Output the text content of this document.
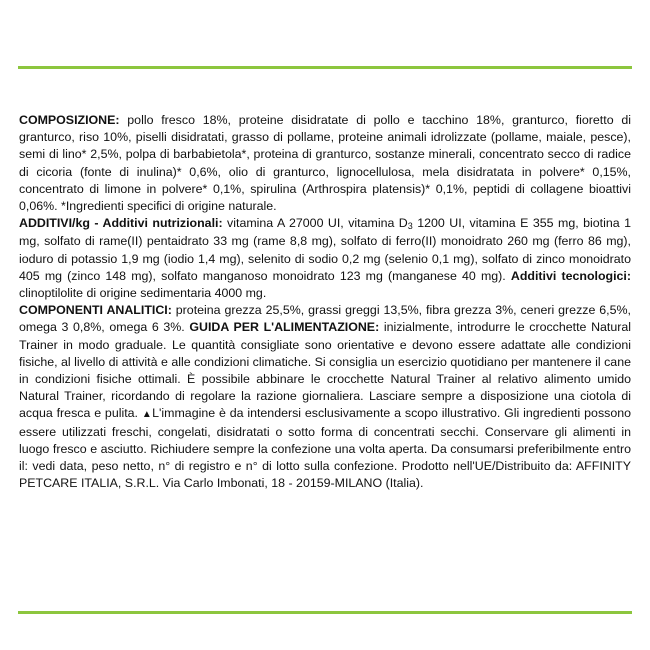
COMPOSIZIONE: pollo fresco 18%, proteine disidratate di pollo e tacchino 18%, granturco, fioretto di granturco, riso 10%, piselli disidratati, grasso di pollame, proteine animali idrolizzate (pollame, maiale, pesce), semi di lino* 2,5%, polpa di barbabietola*, proteina di granturco, sostanze minerali, concentrato secco di radice di cicoria (fonte di inulina)* 0,6%, olio di granturco, lignocellulosa, mela disidratata in polvere* 0,15%, concentrato di limone in polvere* 0,1%, spirulina (Arthrospira platensis)* 0,1%, peptidi di collagene bioattivi 0,06%. *Ingredienti specifici di origine naturale.

ADDITIVI/kg - Additivi nutrizionali: vitamina A 27000 UI, vitamina $D_3$ 1200 UI, vitamina E 355 mg, biotina 1 mg, solfato di rame(II) pentaidrato 33 mg (rame 8,8 mg), solfato di ferro(II) monoidrato 260 mg (ferro 86 mg), ioduro di potassio 1,9 mg (iodio 1,4 mg), selenito di sodio 0,2 mg (selenio 0,1 mg), solfato di zinco monoidrato 405 mg (zinco 148 mg), solfato manganoso monoidrato 123 mg (manganese 40 mg). Additivi tecnologici: clinoptilolite di origine sedimentaria 4000 mg.

COMPONENTI ANALITICI: proteina grezza 25,5%, grassi greggi 13,5%, fibra grezza 3%, ceneri grezze 6,5%, omega 3 0,8%, omega 6 3%. GUIDA PER L'ALIMENTAZIONE: inizialmente, introdurre le crocchette Natural Trainer in modo graduale. Le quantità consigliate sono orientative e devono essere adattate alle condizioni fisiche, al livello di attività e alle condizioni climatiche. Si consiglia un esercizio quotidiano per mantenere il cane in condizioni fisiche ottimali. È possibile abbinare le crocchette Natural Trainer al relativo alimento umido Natural Trainer, ricordando di regolare la razione giornaliera. Lasciare sempre a disposizione una ciotola di acqua fresca e pulita. ▲L'immagine è da intendersi esclusivamente a scopo illustrativo. Gli ingredienti possono essere utilizzati freschi, congelati, disidratati o sotto forma di concentrati secchi. Conservare gli alimenti in luogo fresco e asciutto. Richiudere sempre la confezione una volta aperta. Da consumarsi preferibilmente entro il: vedi data, peso netto, n° di registro e n° di lotto sulla confezione. Prodotto nell'UE/Distribuito da: AFFINITY PETCARE ITALIA, S.R.L. Via Carlo Imbonati, 18 - 20159-MILANO (Italia).
